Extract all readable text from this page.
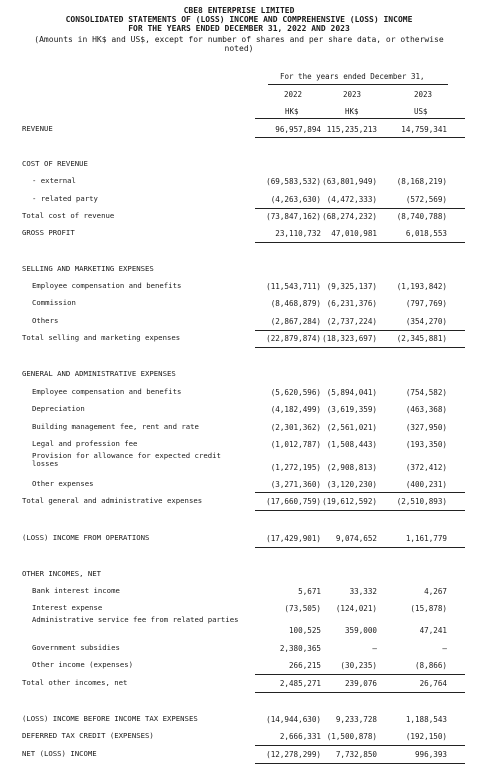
CBE8 ENTERPRISE LIMITED
CONSOLIDATED STATEMENTS OF (LOSS) INCOME AND COMPREHENSIVE (LOSS) INCOME
FOR THE YEARS ENDED DECEMBER 31, 2022 AND 2023
(Amounts in HK$ and US$, except for number of shares and per share data, or otherwise
noted)
For the years ended December 31,
2022	2023	2023
HK$	HK$	US$
REVENUE	96,957,894 115,235,213	14,759,341
COST OF REVENUE
- external	(69,583,532) (63,801,949)	(8,168,219)
- related party	(4,263,630) (4,472,333)	(572,569)
Total cost of revenue	(73,847,162) (68,274,232)	(8,740,788)
GROSS PROFIT	23,110,732 47,010,981	6,018,553
SELLING AND MARKETING EXPENSES
Employee compensation and benefits	(11,543,711) (9,325,137)	(1,193,842)
Commission	(8,468,879) (6,231,376)	(797,769)
Others	(2,867,284) (2,737,224)	(354,270)
Total selling and marketing expenses	(22,879,874) (18,323,697)	(2,345,881)
GENERAL AND ADMINISTRATIVE EXPENSES
Employee compensation and benefits	(5,620,596) (5,894,041)	(754,582)
Depreciation	(4,182,499) (3,619,359)	(463,368)
Building management fee, rent and rate	(2,301,362) (2,561,021)	(327,950)
Legal and profession fee	(1,012,787) (1,508,443)	(193,350)
Provision for allowance for expected credit losses	(1,272,195) (2,908,813)	(372,412)
Other expenses	(3,271,360) (3,120,230)	(400,231)
Total general and administrative expenses	(17,660,759) (19,612,592)	(2,510,893)
(LOSS) INCOME FROM OPERATIONS	(17,429,901) 9,074,652	1,161,779
OTHER INCOMES, NET
Bank interest income	5,671	33,332	4,267
Interest expense	(73,505) (124,021)	(15,878)
Administrative service fee from related parties
100,525	359,000	47,241
Government subsidies	2,380,365	—	—
Other income (expenses)	266,215	(30,235)	(8,866)
Total other incomes, net	2,485,271	239,076	26,764
(LOSS) INCOME BEFORE INCOME TAX EXPENSES	(14,944,630) 9,233,728	1,188,543
DEFERRED TAX CREDIT (EXPENSES)	2,666,331 (1,500,878)	(192,150)
NET (LOSS) INCOME	(12,278,299) 7,732,850	996,393
